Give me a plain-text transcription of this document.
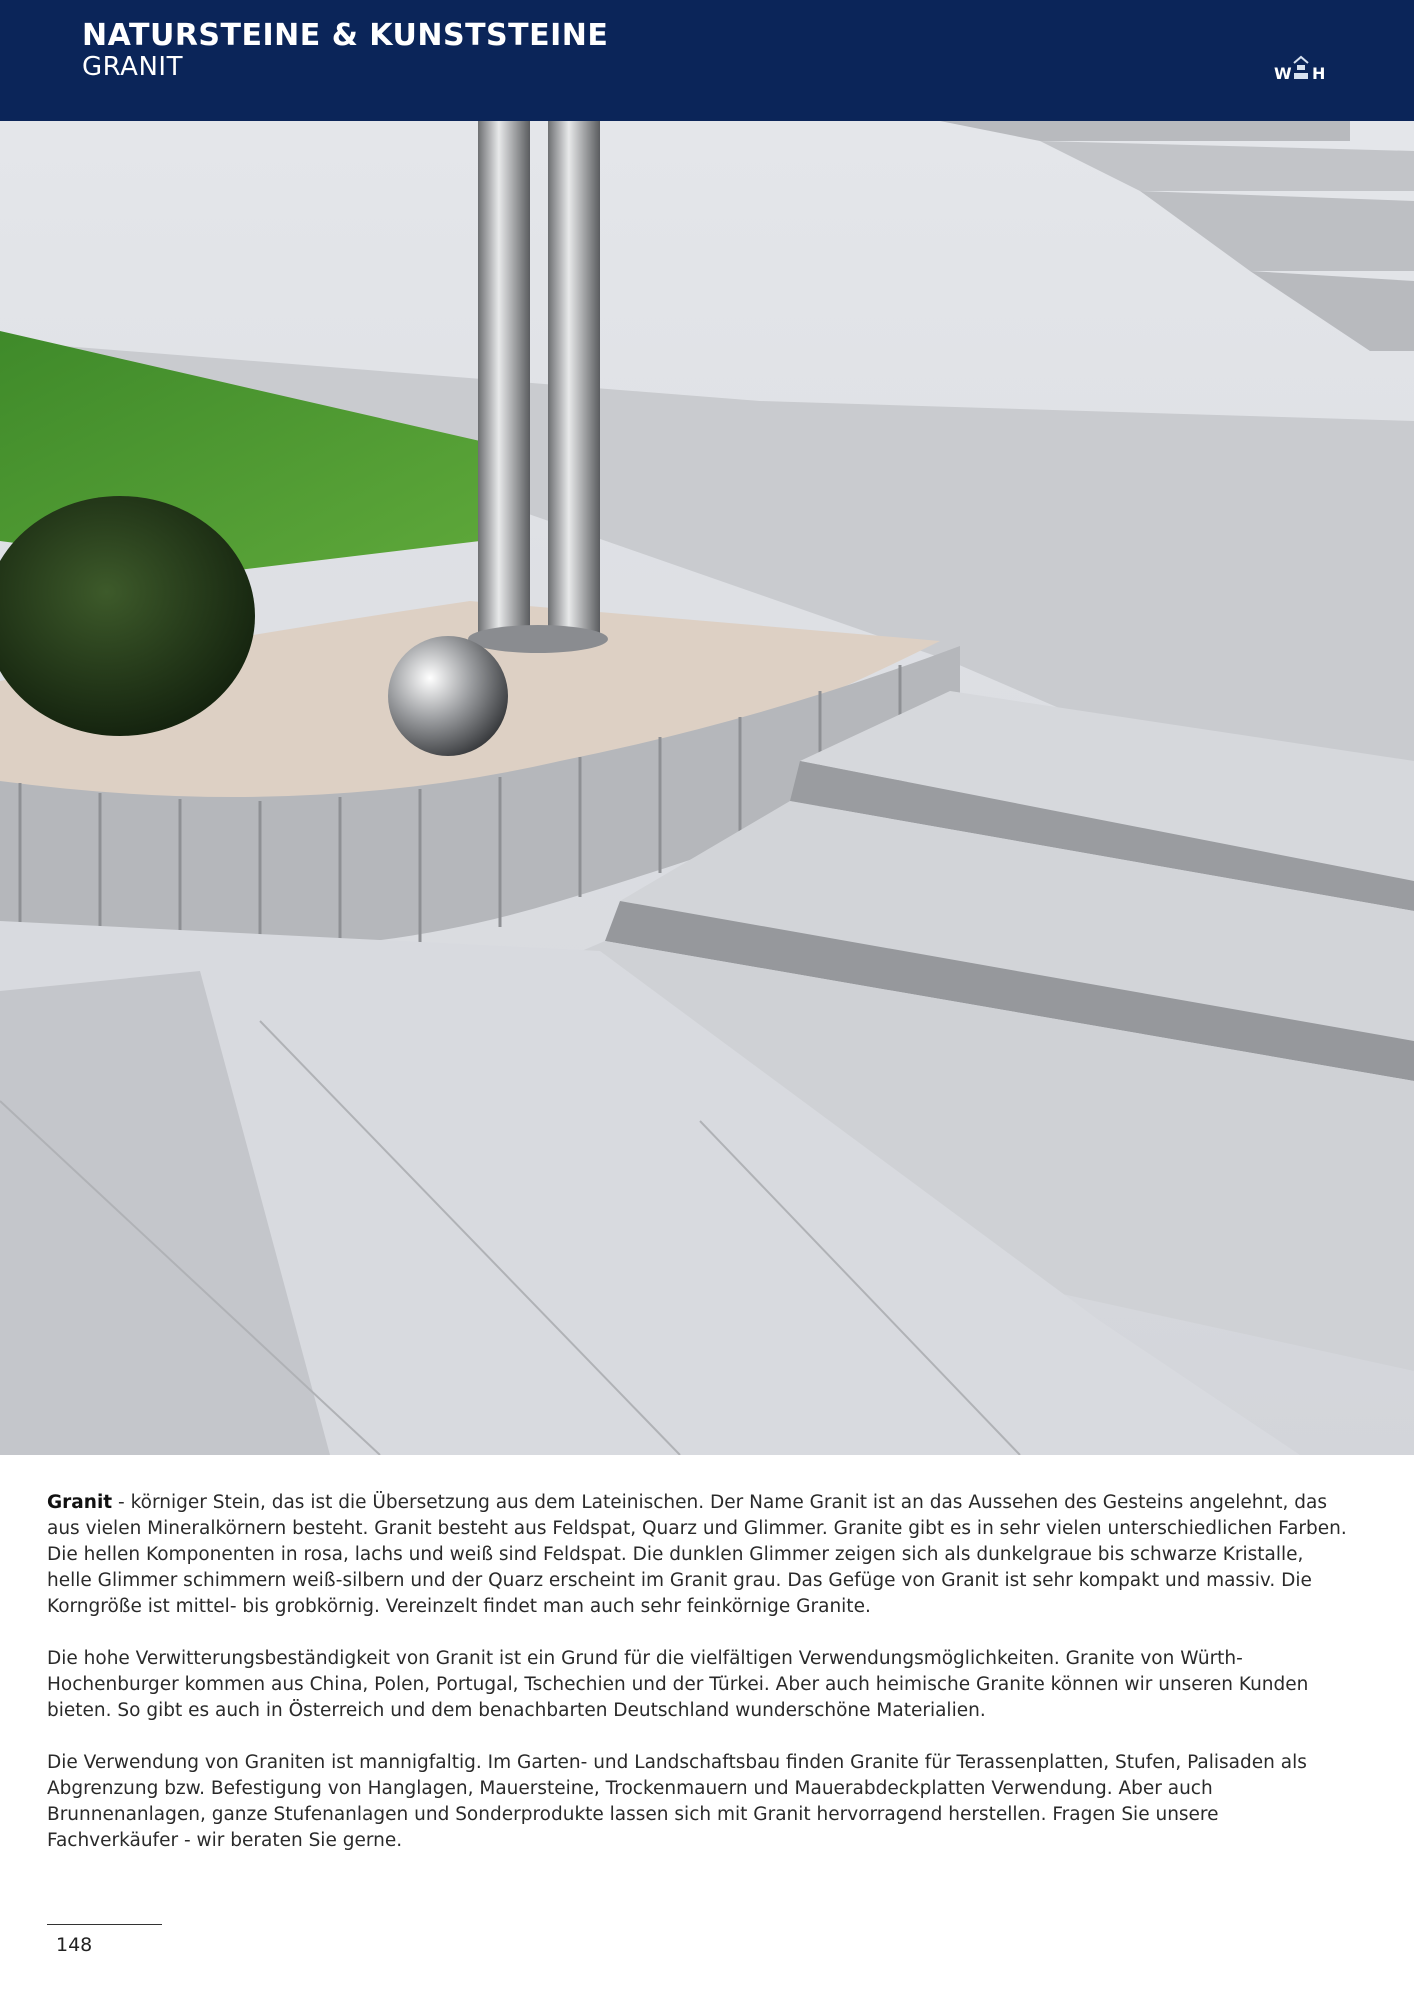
NATURSTEINE & KUNSTSTEINE
GRANIT	W H

Granit - körniger Stein, das ist die Übersetzung aus dem Lateinischen. Der Name Granit ist an das Aussehen des Gesteins angelehnt, das aus vielen Mineralkörnern besteht. Granit besteht aus Feldspat, Quarz und Glimmer. Granite gibt es in sehr vielen unterschiedlichen Farben. Die hellen Komponenten in rosa, lachs und weiß sind Feldspat. Die dunklen Glimmer zeigen sich als dunkelgraue bis schwarze Kristalle, helle Glimmer schimmern weiß-silbern und der Quarz erscheint im Granit grau. Das Gefüge von Granit ist sehr kompakt und massiv. Die Korngröße ist mittel- bis grobkörnig. Vereinzelt findet man auch sehr feinkörnige Granite.

Die hohe Verwitterungsbeständigkeit von Granit ist ein Grund für die vielfältigen Verwendungsmöglichkeiten. Granite von Würth-Hochenburger kommen aus China, Polen, Portugal, Tschechien und der Türkei. Aber auch heimische Granite können wir unseren Kunden bieten. So gibt es auch in Österreich und dem benachbarten Deutschland wunderschöne Materialien.

Die Verwendung von Graniten ist mannigfaltig. Im Garten- und Landschaftsbau finden Granite für Terassenplatten, Stufen, Palisaden als Abgrenzung bzw. Befestigung von Hanglagen, Mauersteine, Trockenmauern und Mauerabdeckplatten Verwendung. Aber auch Brunnenanlagen, ganze Stufenanlagen und Sonderprodukte lassen sich mit Granit hervorragend herstellen. Fragen Sie unsere Fachverkäufer - wir beraten Sie gerne.

148
